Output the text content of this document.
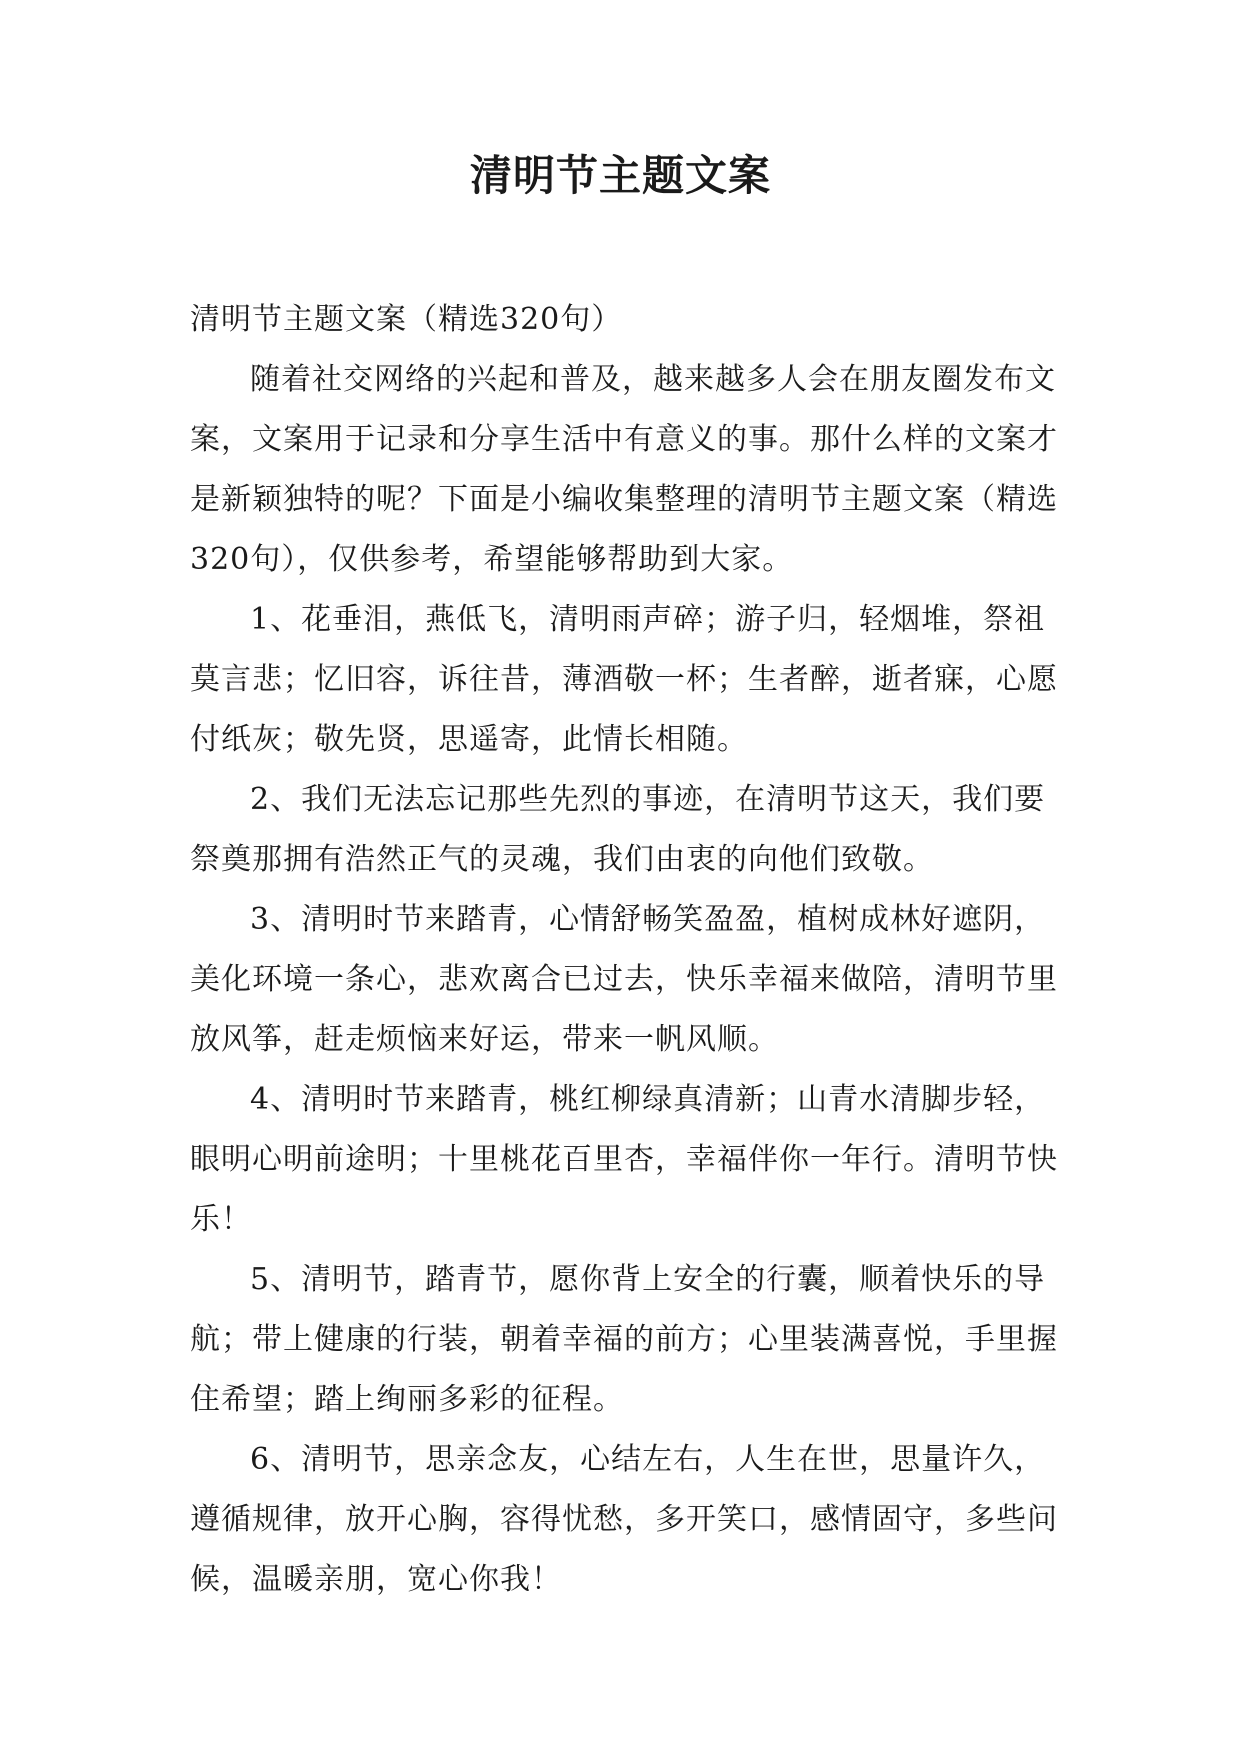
清明节主题文案

清明节主题文案（精选320句）

随着社交网络的兴起和普及，越来越多人会在朋友圈发布文案，文案用于记录和分享生活中有意义的事。那什么样的文案才是新颖独特的呢？下面是小编收集整理的清明节主题文案（精选320句），仅供参考，希望能够帮助到大家。

1、花垂泪，燕低飞，清明雨声碎；游子归，轻烟堆，祭祖莫言悲；忆旧容，诉往昔，薄酒敬一杯；生者醉，逝者寐，心愿付纸灰；敬先贤，思遥寄，此情长相随。

2、我们无法忘记那些先烈的事迹，在清明节这天，我们要祭奠那拥有浩然正气的灵魂，我们由衷的向他们致敬。

3、清明时节来踏青，心情舒畅笑盈盈，植树成林好遮阴，美化环境一条心，悲欢离合已过去，快乐幸福来做陪，清明节里放风筝，赶走烦恼来好运，带来一帆风顺。

4、清明时节来踏青，桃红柳绿真清新；山青水清脚步轻，眼明心明前途明；十里桃花百里杏，幸福伴你一年行。清明节快乐！

5、清明节，踏青节，愿你背上安全的行囊，顺着快乐的导航；带上健康的行装，朝着幸福的前方；心里装满喜悦，手里握住希望；踏上绚丽多彩的征程。

6、清明节，思亲念友，心结左右，人生在世，思量许久，遵循规律，放开心胸，容得忧愁，多开笑口，感情固守，多些问候，温暖亲朋，宽心你我！
